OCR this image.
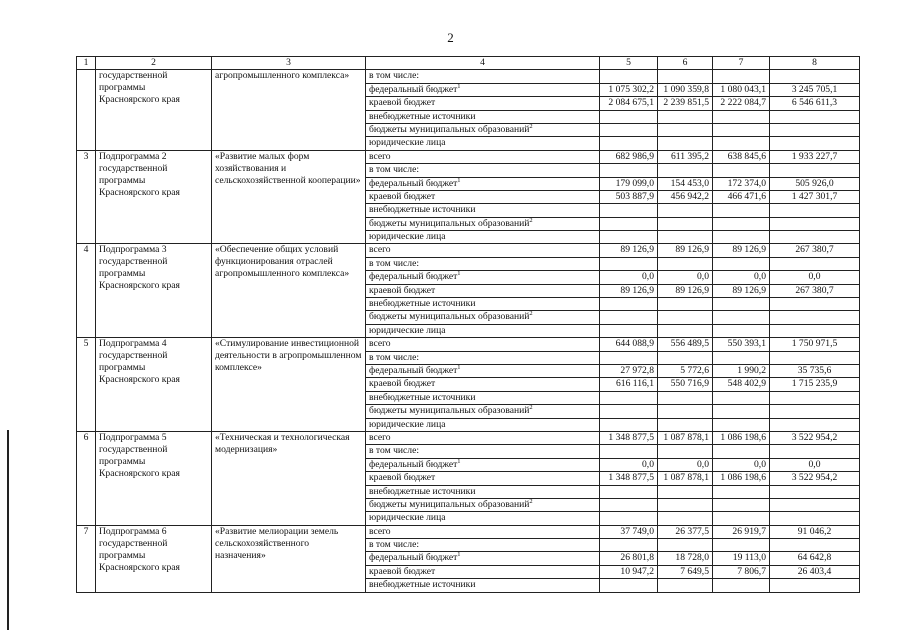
2
1	2	3	4	5	6	7	8
	государственной программы Красноярского края	агропромышленного комплекса»	в том числе:				
			федеральный бюджет$^1$	1 075 302,2	1 090 359,8	1 080 043,1	3 245 705,1
			краевой бюджет	2 084 675,1	2 239 851,5	2 222 084,7	6 546 611,3
			внебюджетные источники				
			бюджеты муниципальных образований$^2$				
			юридические лица				
3	Подпрограмма 2 государственной программы Красноярского края	«Развитие малых форм хозяйствования и сельскохозяйственной кооперации»	всего	682 986,9	611 395,2	638 845,6	1 933 227,7
			в том числе:				
			федеральный бюджет$^1$	179 099,0	154 453,0	172 374,0	505 926,0
			краевой бюджет	503 887,9	456 942,2	466 471,6	1 427 301,7
			внебюджетные источники				
			бюджеты муниципальных образований$^2$				
			юридические лица				
4	Подпрограмма 3 государственной программы Красноярского края	«Обеспечение общих условий функционирования отраслей агропромышленного комплекса»	всего	89 126,9	89 126,9	89 126,9	267 380,7
			в том числе:				
			федеральный бюджет$^1$	0,0	0,0	0,0	0,0
			краевой бюджет	89 126,9	89 126,9	89 126,9	267 380,7
			внебюджетные источники				
			бюджеты муниципальных образований$^2$				
			юридические лица				
5	Подпрограмма 4 государственной программы Красноярского края	«Стимулирование инвестиционной деятельности в агропромышленном комплексе»	всего	644 088,9	556 489,5	550 393,1	1 750 971,5
			в том числе:				
			федеральный бюджет$^1$	27 972,8	5 772,6	1 990,2	35 735,6
			краевой бюджет	616 116,1	550 716,9	548 402,9	1 715 235,9
			внебюджетные источники				
			бюджеты муниципальных образований$^2$				
			юридические лица				
6	Подпрограмма 5 государственной программы Красноярского края	«Техническая и технологическая модернизация»	всего	1 348 877,5	1 087 878,1	1 086 198,6	3 522 954,2
			в том числе:				
			федеральный бюджет$^1$	0,0	0,0	0,0	0,0
			краевой бюджет	1 348 877,5	1 087 878,1	1 086 198,6	3 522 954,2
			внебюджетные источники				
			бюджеты муниципальных образований$^2$				
			юридические лица				
7	Подпрограмма 6 государственной программы Красноярского края	«Развитие мелиорации земель сельскохозяйственного назначения»	всего	37 749,0	26 377,5	26 919,7	91 046,2
			в том числе:				
			федеральный бюджет$^1$	26 801,8	18 728,0	19 113,0	64 642,8
			краевой бюджет	10 947,2	7 649,5	7 806,7	26 403,4
			внебюджетные источники				
